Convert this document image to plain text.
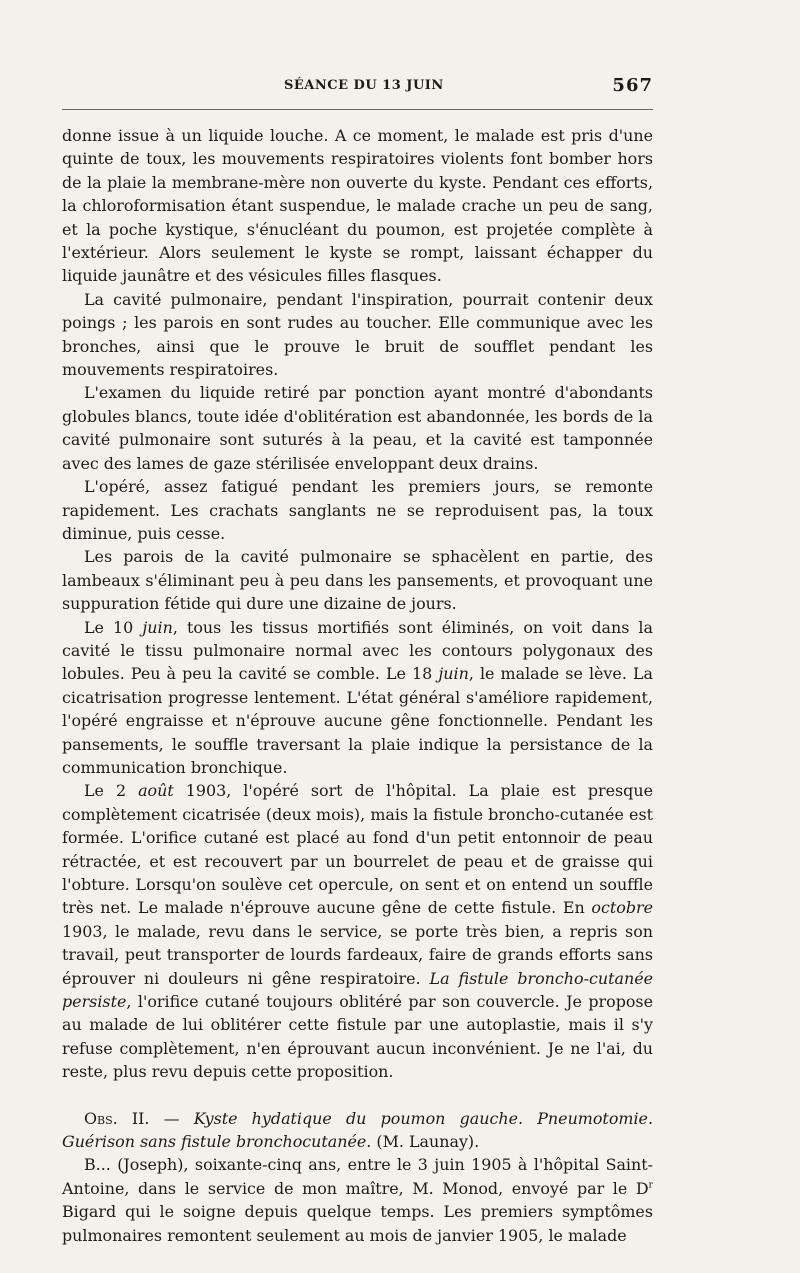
SÉANCE DU 13 JUIN	567

donne issue à un liquide louche. A ce moment, le malade est pris d'une quinte de toux, les mouvements respiratoires violents font bomber hors de la plaie la membrane-mère non ouverte du kyste. Pendant ces efforts, la chloroformisation étant suspendue, le malade crache un peu de sang, et la poche kystique, s'énucléant du poumon, est projetée complète à l'extérieur. Alors seulement le kyste se rompt, laissant échapper du liquide jaunâtre et des vésicules filles flasques.

La cavité pulmonaire, pendant l'inspiration, pourrait contenir deux poings ; les parois en sont rudes au toucher. Elle communique avec les bronches, ainsi que le prouve le bruit de soufflet pendant les mouvements respiratoires.

L'examen du liquide retiré par ponction ayant montré d'abondants globules blancs, toute idée d'oblitération est abandonnée, les bords de la cavité pulmonaire sont suturés à la peau, et la cavité est tamponnée avec des lames de gaze stérilisée enveloppant deux drains.

L'opéré, assez fatigué pendant les premiers jours, se remonte rapidement. Les crachats sanglants ne se reproduisent pas, la toux diminue, puis cesse.

Les parois de la cavité pulmonaire se sphacèlent en partie, des lambeaux s'éliminant peu à peu dans les pansements, et provoquant une suppuration fétide qui dure une dizaine de jours.

Le 10 juin, tous les tissus mortifiés sont éliminés, on voit dans la cavité le tissu pulmonaire normal avec les contours polygonaux des lobules. Peu à peu la cavité se comble. Le 18 juin, le malade se lève. La cicatrisation progresse lentement. L'état général s'améliore rapidement, l'opéré engraisse et n'éprouve aucune gêne fonctionnelle. Pendant les pansements, le souffle traversant la plaie indique la persistance de la communication bronchique.

Le 2 août 1903, l'opéré sort de l'hôpital. La plaie est presque complètement cicatrisée (deux mois), mais la fistule broncho-cutanée est formée. L'orifice cutané est placé au fond d'un petit entonnoir de peau rétractée, et est recouvert par un bourrelet de peau et de graisse qui l'obture. Lorsqu'on soulève cet opercule, on sent et on entend un souffle très net. Le malade n'éprouve aucune gêne de cette fistule. En octobre 1903, le malade, revu dans le service, se porte très bien, a repris son travail, peut transporter de lourds fardeaux, faire de grands efforts sans éprouver ni douleurs ni gêne respiratoire. La fistule broncho-cutanée persiste, l'orifice cutané toujours oblitéré par son couvercle. Je propose au malade de lui oblitérer cette fistule par une autoplastie, mais il s'y refuse complètement, n'en éprouvant aucun inconvénient. Je ne l'ai, du reste, plus revu depuis cette proposition.

Obs. II. — Kyste hydatique du poumon gauche. Pneumotomie. Guérison sans fistule bronchocutanée. (M. Launay).

B... (Joseph), soixante-cinq ans, entre le 3 juin 1905 à l'hôpital Saint-Antoine, dans le service de mon maître, M. Monod, envoyé par le $D^r$ Bigard qui le soigne depuis quelque temps. Les premiers symptômes pulmonaires remontent seulement au mois de janvier 1905, le malade
